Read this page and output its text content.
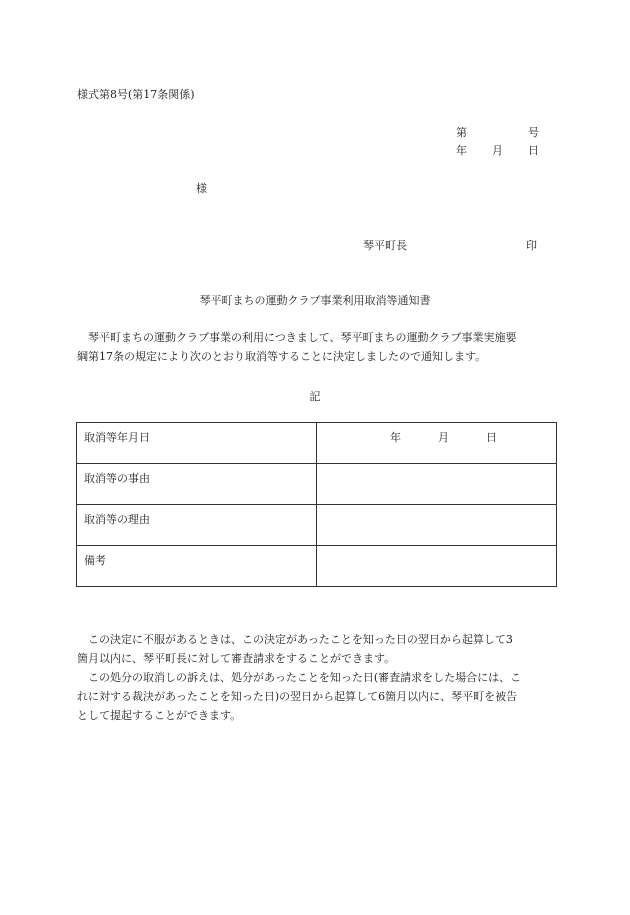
様式第8号(第17条関係)
第	号
年 月 日
様
琴平町長	印
琴平町まちの運動クラブ事業利用取消等通知書
　琴平町まちの運動クラブ事業の利用につきまして、琴平町まちの運動クラブ事業実施要
綱第17条の規定により次のとおり取消等することに決定しましたので通知します。
記
取消等年月日	年 月 日

取消等の事由	
取消等の理由	
備考	
　この決定に不服があるときは、この決定があったことを知った日の翌日から起算して3
箇月以内に、琴平町長に対して審査請求をすることができます。
　この処分の取消しの訴えは、処分があったことを知った日(審査請求をした場合には、こ
れに対する裁決があったことを知った日)の翌日から起算して6箇月以内に、琴平町を被告
として提起することができます。
